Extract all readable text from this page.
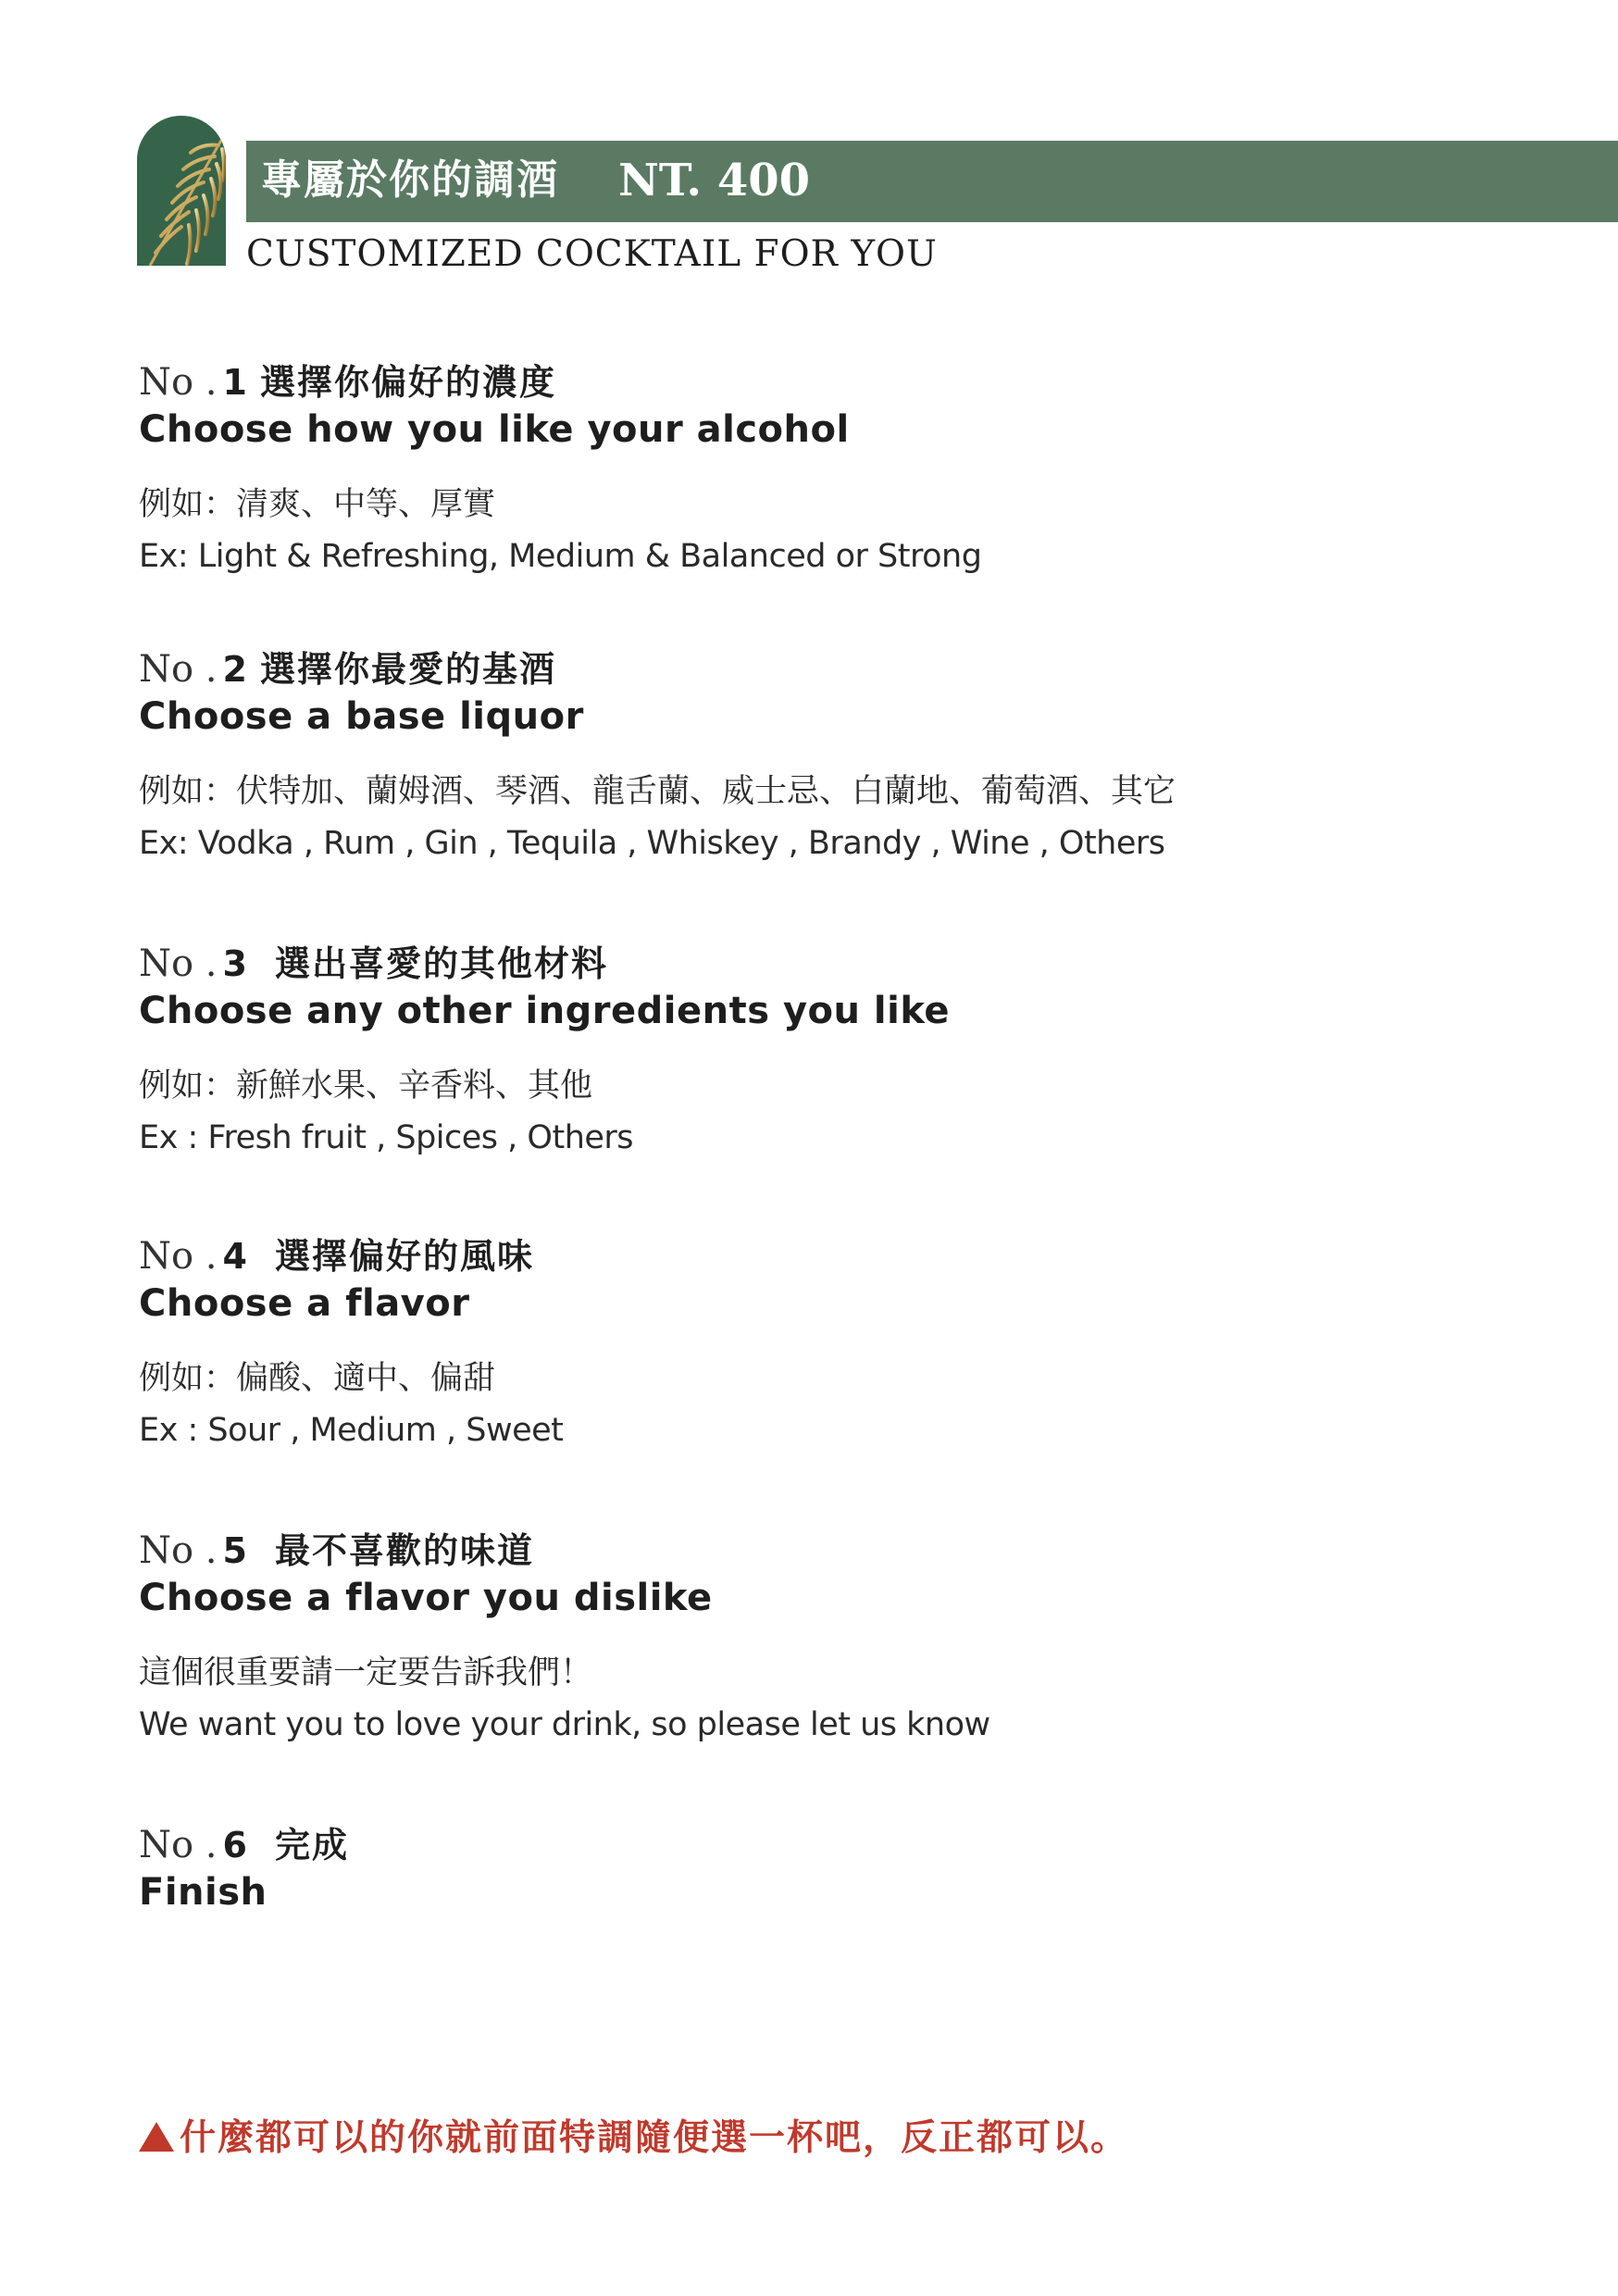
專屬於你的調酒 NT. 400
CUSTOMIZED COCKTAIL FOR YOU
No . 1 選擇你偏好的濃度
Choose how you like your alcohol
例如：清爽、中等、厚實
Ex: Light & Refreshing, Medium & Balanced or Strong
No . 2 選擇你最愛的基酒
Choose a base liquor
例如：伏特加、蘭姆酒、琴酒、龍舌蘭、威士忌、白蘭地、葡萄酒、其它
Ex: Vodka , Rum , Gin , Tequila , Whiskey , Brandy , Wine , Others
No . 3 選出喜愛的其他材料
Choose any other ingredients you like
例如：新鮮水果、辛香料、其他
Ex : Fresh fruit , Spices , Others
No . 4 選擇偏好的風味
Choose a flavor
例如：偏酸、適中、偏甜
Ex : Sour , Medium , Sweet
No . 5 最不喜歡的味道
Choose a flavor you dislike
這個很重要請一定要告訴我們！
We want you to love your drink, so please let us know
No . 6 完成
Finish
什麼都可以的你就前面特調隨便選一杯吧，反正都可以。
